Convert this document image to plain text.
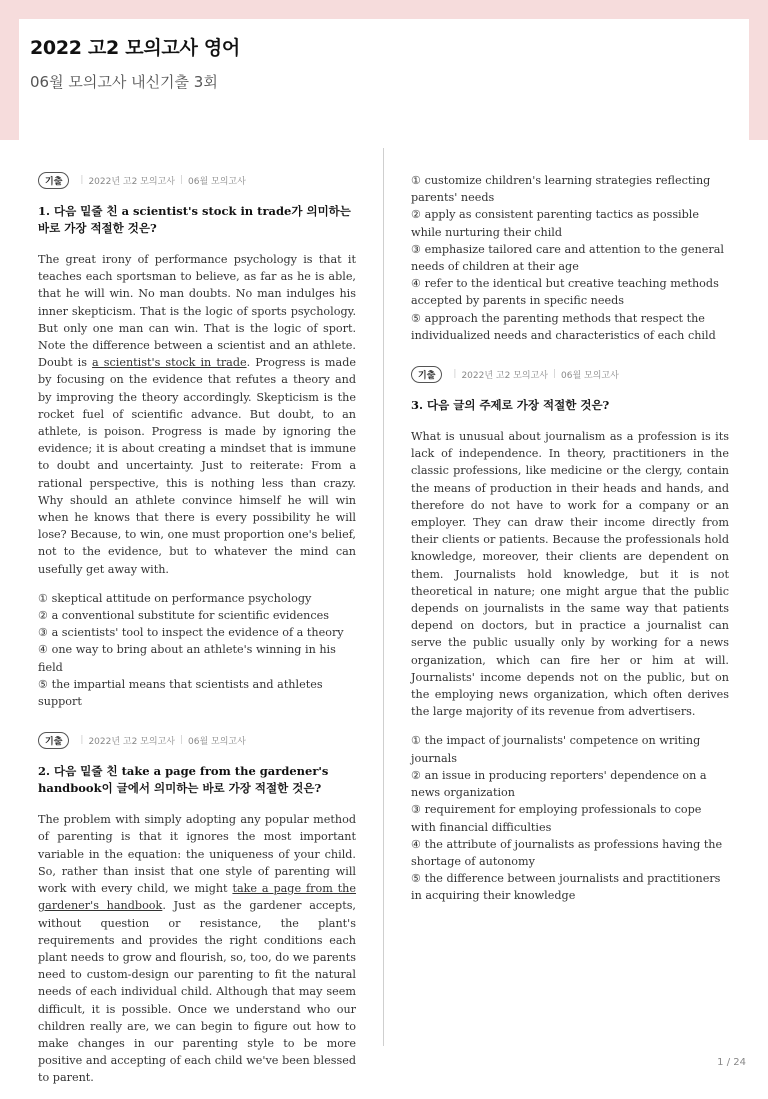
2022 고2 모의고사 영어
06월 모의고사 내신기출 3회
기출	| 2022년 고2 모의고사 | 06월 모의고사
1. 다음 밑줄 친 a scientist's stock in trade가 의미하는 바로 가장 적절한 것은?
The great irony of performance psychology is that it teaches each sportsman to believe, as far as he is able, that he will win. No man doubts. No man indulges his inner skepticism. That is the logic of sports psychology. But only one man can win. That is the logic of sport. Note the difference between a scientist and an athlete. Doubt is a scientist's stock in trade. Progress is made by focusing on the evidence that refutes a theory and by improving the theory accordingly. Skepticism is the rocket fuel of scientific advance. But doubt, to an athlete, is poison. Progress is made by ignoring the evidence; it is about creating a mindset that is immune to doubt and uncertainty. Just to reiterate: From a rational perspective, this is nothing less than crazy. Why should an athlete convince himself he will win when he knows that there is every possibility he will lose? Because, to win, one must proportion one's belief, not to the evidence, but to whatever the mind can usefully get away with.
① skeptical attitude on performance psychology
② a conventional substitute for scientific evidences
③ a scientists' tool to inspect the evidence of a theory
④ one way to bring about an athlete's winning in his field
⑤ the impartial means that scientists and athletes support
기출	| 2022년 고2 모의고사 | 06월 모의고사
2. 다음 밑줄 친 take a page from the gardener's handbook이 글에서 의미하는 바로 가장 적절한 것은?
The problem with simply adopting any popular method of parenting is that it ignores the most important variable in the equation: the uniqueness of your child. So, rather than insist that one style of parenting will work with every child, we might take a page from the gardener's handbook. Just as the gardener accepts, without question or resistance, the plant's requirements and provides the right conditions each plant needs to grow and flourish, so, too, do we parents need to custom-design our parenting to fit the natural needs of each individual child. Although that may seem difficult, it is possible. Once we understand who our children really are, we can begin to figure out how to make changes in our parenting style to be more positive and accepting of each child we've been blessed to parent.
① customize children's learning strategies reflecting parents' needs
② apply as consistent parenting tactics as possible while nurturing their child
③ emphasize tailored care and attention to the general needs of children at their age
④ refer to the identical but creative teaching methods accepted by parents in specific needs
⑤ approach the parenting methods that respect the individualized needs and characteristics of each child
기출	| 2022년 고2 모의고사 | 06월 모의고사
3. 다음 글의 주제로 가장 적절한 것은?
What is unusual about journalism as a profession is its lack of independence. In theory, practitioners in the classic professions, like medicine or the clergy, contain the means of production in their heads and hands, and therefore do not have to work for a company or an employer. They can draw their income directly from their clients or patients. Because the professionals hold knowledge, moreover, their clients are dependent on them. Journalists hold knowledge, but it is not theoretical in nature; one might argue that the public depends on journalists in the same way that patients depend on doctors, but in practice a journalist can serve the public usually only by working for a news organization, which can fire her or him at will. Journalists' income depends not on the public, but on the employing news organization, which often derives the large majority of its revenue from advertisers.
① the impact of journalists' competence on writing journals
② an issue in producing reporters' dependence on a news organization
③ requirement for employing professionals to cope with financial difficulties
④ the attribute of journalists as professions having the shortage of autonomy
⑤ the difference between journalists and practitioners in acquiring their knowledge
1 / 24
